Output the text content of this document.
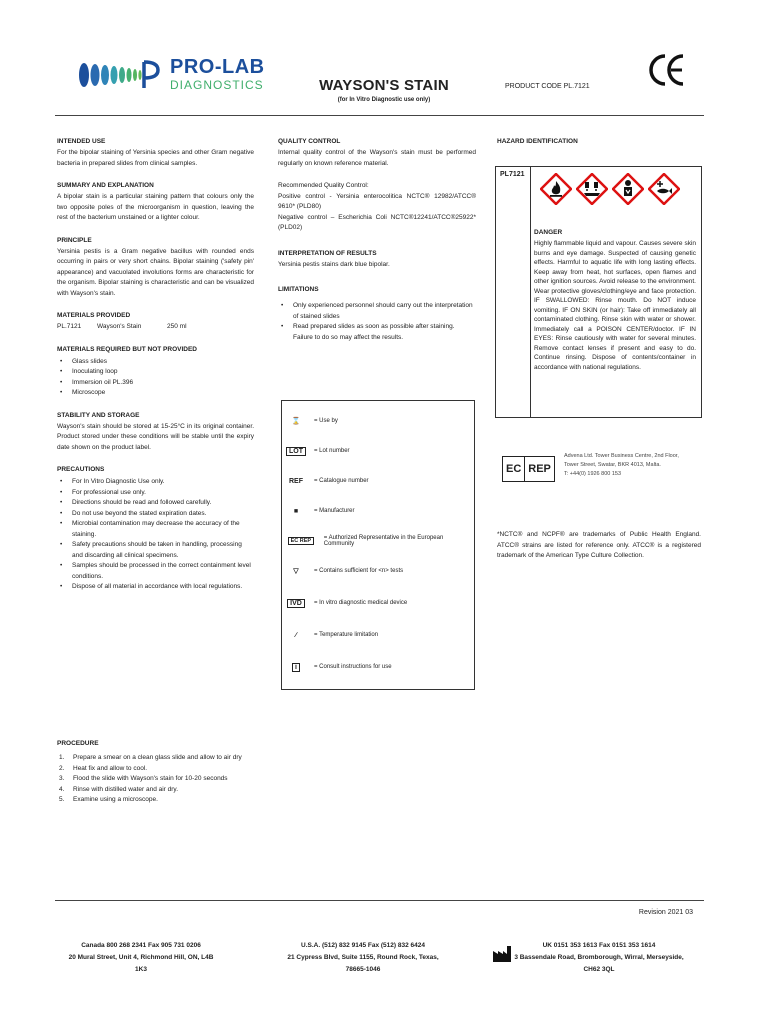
PRO-LAB
DIAGNOSTICS	WAYSON'S STAIN
(for In Vitro Diagnostic use only)
PRODUCT CODE PL.7121
INTENDED USE

For the bipolar staining of Yersinia species and other Gram negative bacteria in prepared slides from clinical samples.

SUMMARY AND EXPLANATION

A bipolar stain is a particular staining pattern that colours only the two opposite poles of the microorganism in question, leaving the rest of the bacterium unstained or a lighter colour.

PRINCIPLE

Yersinia pestis is a Gram negative bacillus with rounded ends occurring in pairs or very short chains. Bipolar staining ('safety pin' appearance) and vacuolated involutions forms are characteristic for the organism. Bipolar staining is characteristic and can be visualized with Wayson's stain.

MATERIALS PROVIDED
PL.7121	Wayson's Stain	250 ml
MATERIALS REQUIRED BUT NOT PROVIDED
• Glass slides
• Inoculating loop
• Immersion oil PL.396
• Microscope
STABILITY AND STORAGE

Wayson's stain should be stored at 15-25°C in its original container. Product stored under these conditions will be stable until the expiry date shown on the product label.

PRECAUTIONS
• For In Vitro Diagnostic Use only.
• For professional use only.
• Directions should be read and followed carefully.
• Do not use beyond the stated expiration dates.
• Microbial contamination may decrease the accuracy of the staining.
• Safety precautions should be taken in handling, processing and discarding all clinical specimens.
• Samples should be processed in the correct containment level conditions.
• Dispose of all material in accordance with local regulations.
PROCEDURE
1. Prepare a smear on a clean glass slide and allow to air dry
2. Heat fix and allow to cool.
3. Flood the slide with Wayson's stain for 10-20 seconds
4. Rinse with distilled water and air dry.
5. Examine using a microscope.
QUALITY CONTROL

Internal quality control of the Wayson's stain must be performed regularly on known reference material.

Recommended Quality Control:

Positive control - Yersinia enterocolitica NCTC® 12982/ATCC® 9610* (PLD80)

Negative control – Escherichia Coli NCTC®12241/ATCC®25922* (PLD02)

INTERPRETATION OF RESULTS

Yersinia pestis stains dark blue bipolar.

LIMITATIONS
• Only experienced personnel should carry out the interpretation of stained slides
• Read prepared slides as soon as possible after staining. Failure to do so may affect the results.
⌛	= Use by
LOT	= Lot number
REF	= Catalogue number
■	= Manufacturer
EC REP	= Authorized Representative in the European Community
▽	= Contains sufficient for <n> tests
IVD	= In vitro diagnostic medical device
∕	= Temperature limitation
i	= Consult instructions for use
HAZARD IDENTIFICATION
PL7121
DANGER
Highly flammable liquid and vapour. Causes severe skin burns and eye damage. Suspected of causing genetic effects. Harmful to aquatic life with long lasting effects. Keep away from heat, hot surfaces, open flames and other ignition sources. Avoid release to the environment. Wear protective gloves/clothing/eye and face protection. IF SWALLOWED: Rinse mouth. Do NOT induce vomiting. IF ON SKIN (or hair): Take off immediately all contaminated clothing. Rinse skin with water or shower. Immediately call a POISON CENTER/doctor. IF IN EYES: Rinse cautiously with water for several minutes. Remove contact lenses if present and easy to do. Continue rinsing. Dispose of contents/container in accordance with national regulations.
EC REP
Advena Ltd. Tower Business Centre, 2nd Floor,
Tower Street, Swatar, BKR 4013, Malta.
T: +44(0) 1926 800 153
*NCTC® and NCPF® are trademarks of Public Health England. ATCC® strains are listed for reference only. ATCC® is a registered trademark of the American Type Culture Collection.
Revision 2021 03
Canada 800 268 2341 Fax 905 731 0206
20 Mural Street, Unit 4, Richmond Hill, ON, L4B 1K3
U.S.A. (512) 832 9145 Fax (512) 832 6424
21 Cypress Blvd, Suite 1155, Round Rock, Texas, 78665-1046
UK 0151 353 1613 Fax 0151 353 1614
3 Bassendale Road, Bromborough, Wirral, Merseyside, CH62 3QL
